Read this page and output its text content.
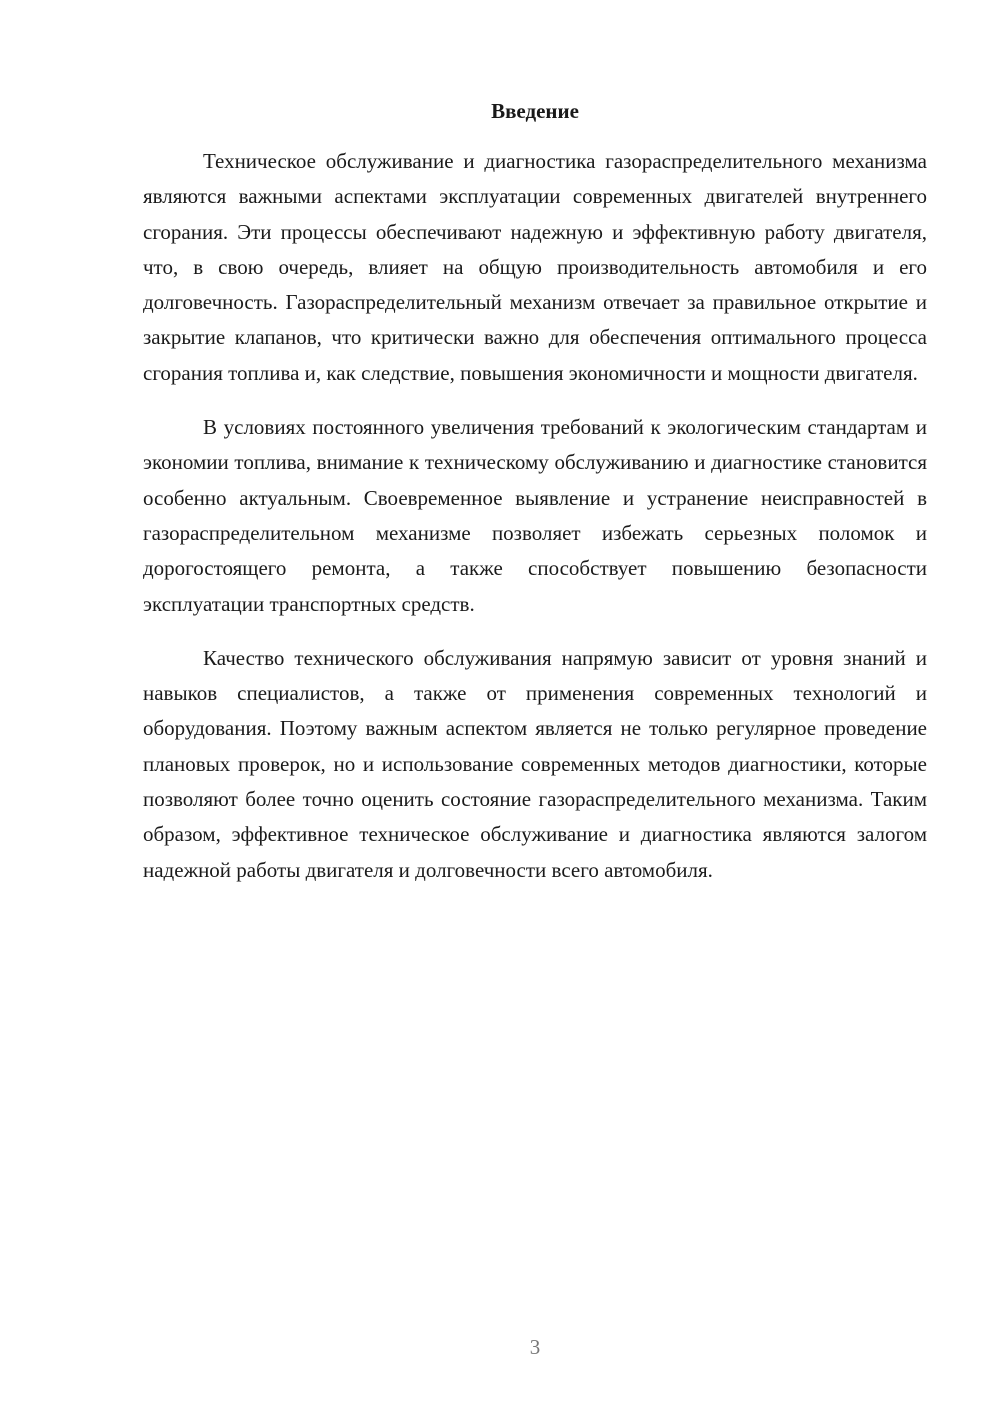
Введение

Техническое обслуживание и диагностика газораспределительного механизма являются важными аспектами эксплуатации современных двигателей внутреннего сгорания. Эти процессы обеспечивают надежную и эффективную работу двигателя, что, в свою очередь, влияет на общую производительность автомобиля и его долговечность. Газораспределительный механизм отвечает за правильное открытие и закрытие клапанов, что критически важно для обеспечения оптимального процесса сгорания топлива и, как следствие, повышения экономичности и мощности двигателя.

В условиях постоянного увеличения требований к экологическим стандартам и экономии топлива, внимание к техническому обслуживанию и диагностике становится особенно актуальным. Своевременное выявление и устранение неисправностей в газораспределительном механизме позволяет избежать серьезных поломок и дорогостоящего ремонта, а также способствует повышению безопасности эксплуатации транспортных средств.

Качество технического обслуживания напрямую зависит от уровня знаний и навыков специалистов, а также от применения современных технологий и оборудования. Поэтому важным аспектом является не только регулярное проведение плановых проверок, но и использование современных методов диагностики, которые позволяют более точно оценить состояние газораспределительного механизма. Таким образом, эффективное техническое обслуживание и диагностика являются залогом надежной работы двигателя и долговечности всего автомобиля.

3
